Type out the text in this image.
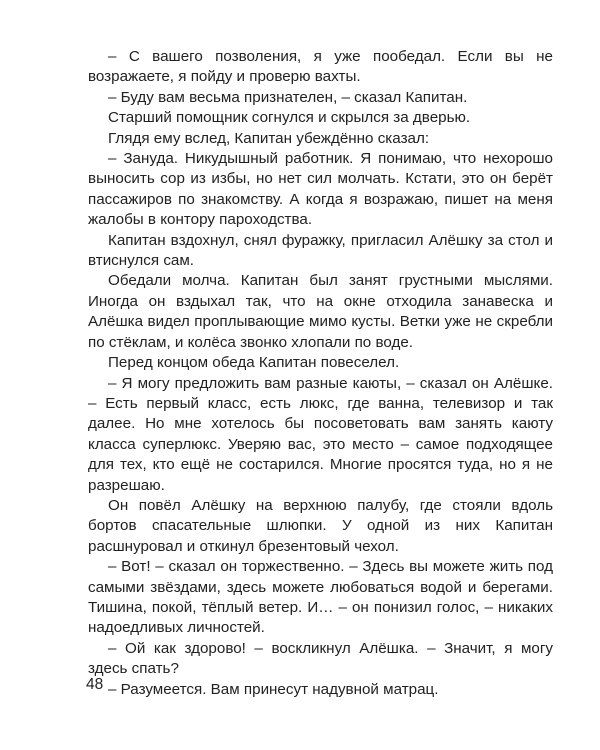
– С вашего позволения, я уже пообедал. Если вы не возражаете, я пойду и проверю вахты.

– Буду вам весьма признателен, – сказал Капитан.

Старший помощник согнулся и скрылся за дверью.

Глядя ему вслед, Капитан убеждённо сказал:

– Зануда. Никудышный работник. Я понимаю, что нехорошо выносить сор из избы, но нет сил молчать. Кстати, это он берёт пассажиров по знакомству. А когда я возражаю, пишет на меня жалобы в контору пароходства.

Капитан вздохнул, снял фуражку, пригласил Алёшку за стол и втиснулся сам.

Обедали молча. Капитан был занят грустными мыслями. Иногда он вздыхал так, что на окне отходила занавеска и Алёшка видел проплывающие мимо кусты. Ветки уже не скребли по стёклам, и колёса звонко хлопали по воде.

Перед концом обеда Капитан повеселел.

– Я могу предложить вам разные каюты, – сказал он Алёшке. – Есть первый класс, есть люкс, где ванна, телевизор и так далее. Но мне хотелось бы посоветовать вам занять каюту класса суперлюкс. Уверяю вас, это место – самое подходящее для тех, кто ещё не состарился. Многие просятся туда, но я не разрешаю.

Он повёл Алёшку на верхнюю палубу, где стояли вдоль бортов спасательные шлюпки. У одной из них Капитан расшнуровал и откинул брезентовый чехол.

– Вот! – сказал он торжественно. – Здесь вы можете жить под самыми звёздами, здесь можете любоваться водой и берегами. Тишина, покой, тёплый ветер. И… – он понизил голос, – никаких надоедливых личностей.

– Ой как здорово! – воскликнул Алёшка. – Значит, я могу здесь спать?

– Разумеется. Вам принесут надувной матрац.

48
